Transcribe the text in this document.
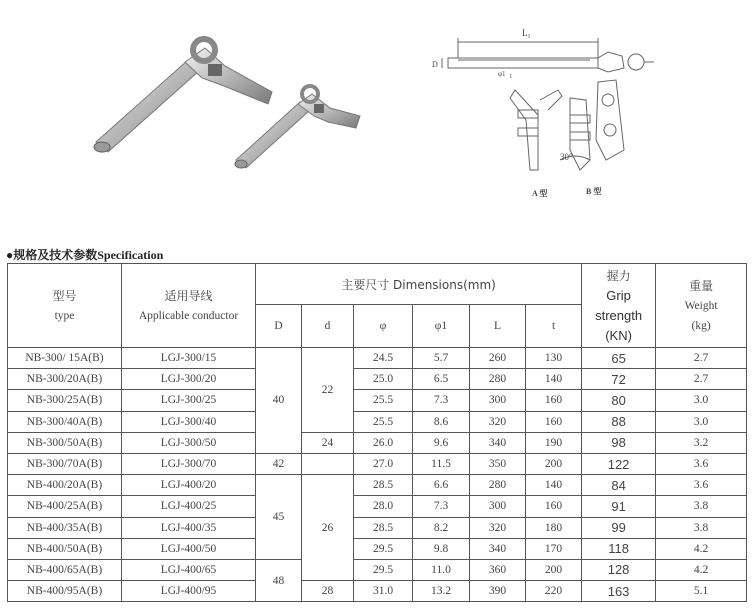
L₁
D
φ1 t
30°
A 型	B 型
●规格及技术参数Specification
型号
type	适用导线
Applicable conductor	主要尺寸 Dimensions(mm)						握力
Grip
strength
(KN)	重量
Weight
(kg)

		D	d	φ	φ1	L	t		
NB-300/ 15A(B)	LGJ-300/15	40	22	24.5	5.7	260	130	65	2.7
NB-300/20A(B)	LGJ-300/20			25.0	6.5	280	140	72	2.7
NB-300/25A(B)	LGJ-300/25			25.5	7.3	300	160	80	3.0
NB-300/40A(B)	LGJ-300/40			25.5	8.6	320	160	88	3.0
NB-300/50A(B)	LGJ-300/50		24	26.0	9.6	340	190	98	3.2
NB-300/70A(B)	LGJ-300/70	42		27.0	11.5	350	200	122	3.6
NB-400/20A(B)	LGJ-400/20	45	26	28.5	6.6	280	140	84	3.6
NB-400/25A(B)	LGJ-400/25			28.0	7.3	300	160	91	3.8
NB-400/35A(B)	LGJ-400/35			28.5	8.2	320	180	99	3.8
NB-400/50A(B)	LGJ-400/50			29.5	9.8	340	170	118	4.2
NB-400/65A(B)	LGJ-400/65	48		29.5	11.0	360	200	128	4.2
NB-400/95A(B)	LGJ-400/95		28	31.0	13.2	390	220	163	5.1
